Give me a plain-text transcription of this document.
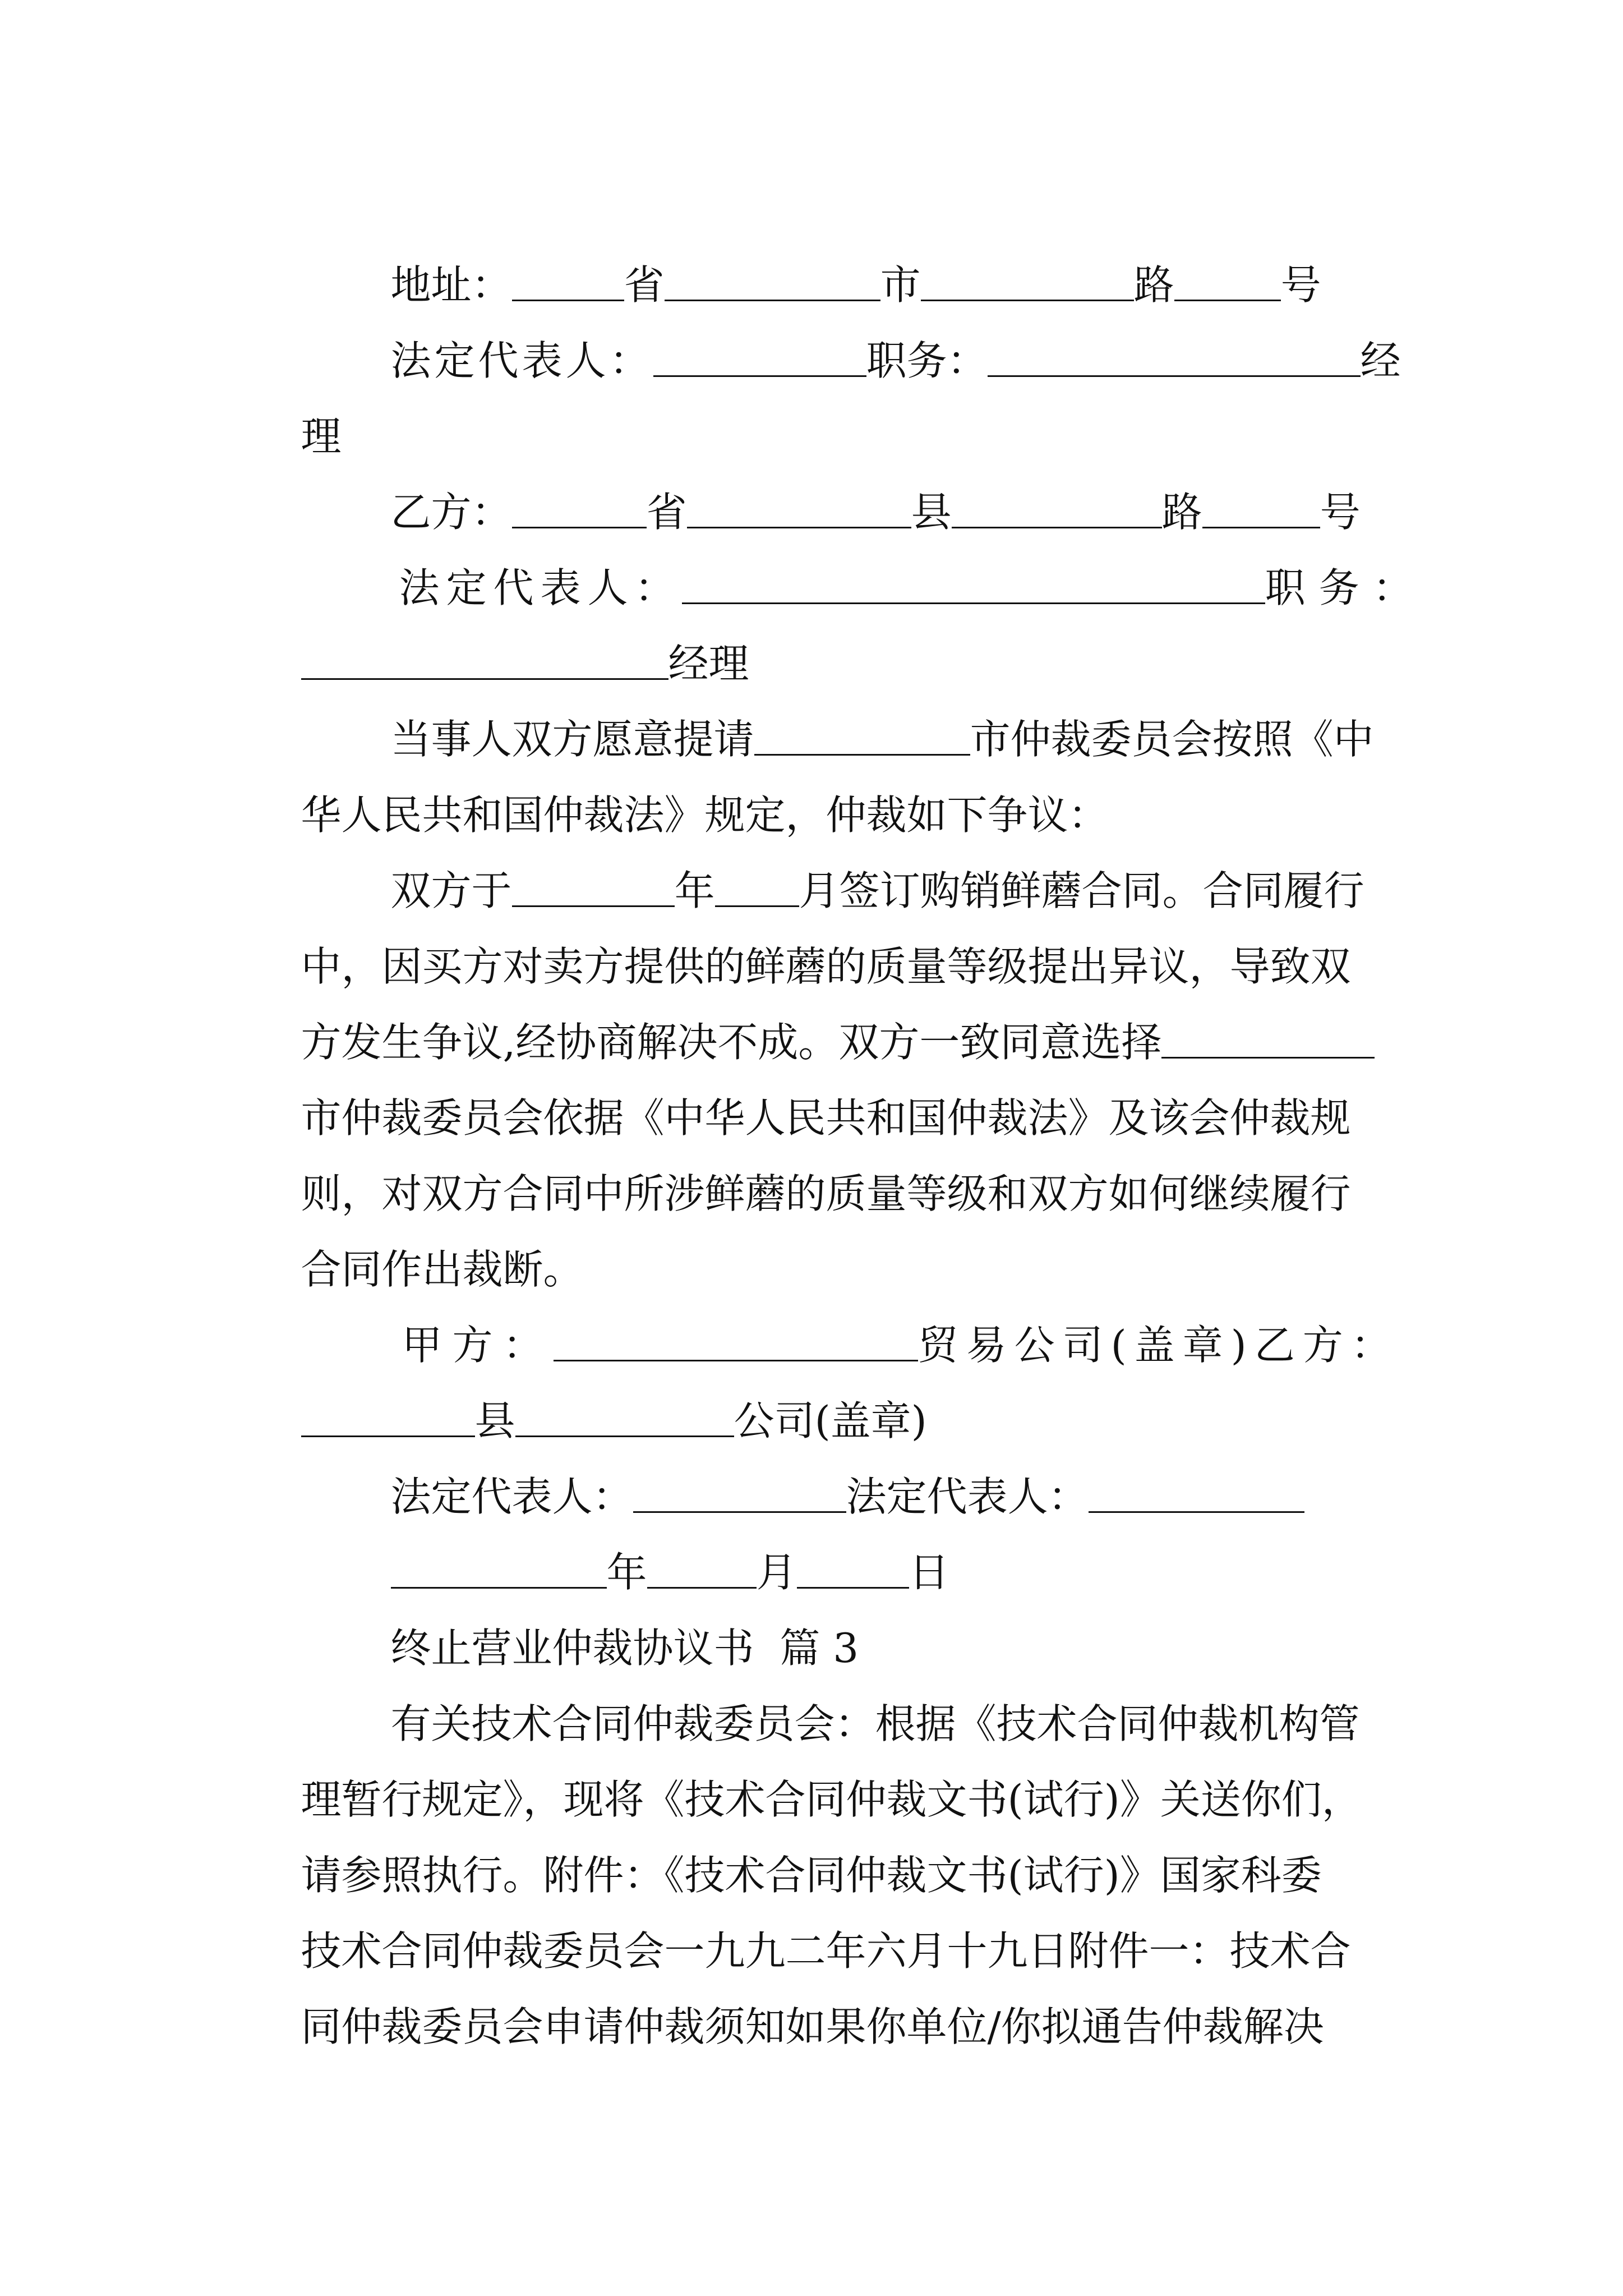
地址：	省	市	路	号

法定代表人：	职务：	经

理

乙方：	省	县	路	号

法定代表人：	职务：

经理

当事人双方愿意提请	市仲裁委员会按照《中

华人民共和国仲裁法》规定，仲裁如下争议：

双方于	年 月签订购销鲜蘑合同。合同履行

中，因买方对卖方提供的鲜蘑的质量等级提出异议，导致双

方发生争议,经协商解决不成。双方一致同意选择

市仲裁委员会依据《中华人民共和国仲裁法》及该会仲裁规

则，对双方合同中所涉鲜蘑的质量等级和双方如何继续履行

合同作出裁断。

甲方：	贸易公司(盖章)乙方：

县	公司(盖章)

法定代表人：	法定代表人：

年	月	日

终止营业仲裁协议书  篇 3

有关技术合同仲裁委员会：根据《技术合同仲裁机构管

理暂行规定》，现将《技术合同仲裁文书(试行)》关送你们，

请参照执行。附件：《技术合同仲裁文书(试行)》国家科委

技术合同仲裁委员会一九九二年六月十九日附件一：技术合

同仲裁委员会申请仲裁须知如果你单位/你拟通告仲裁解决
